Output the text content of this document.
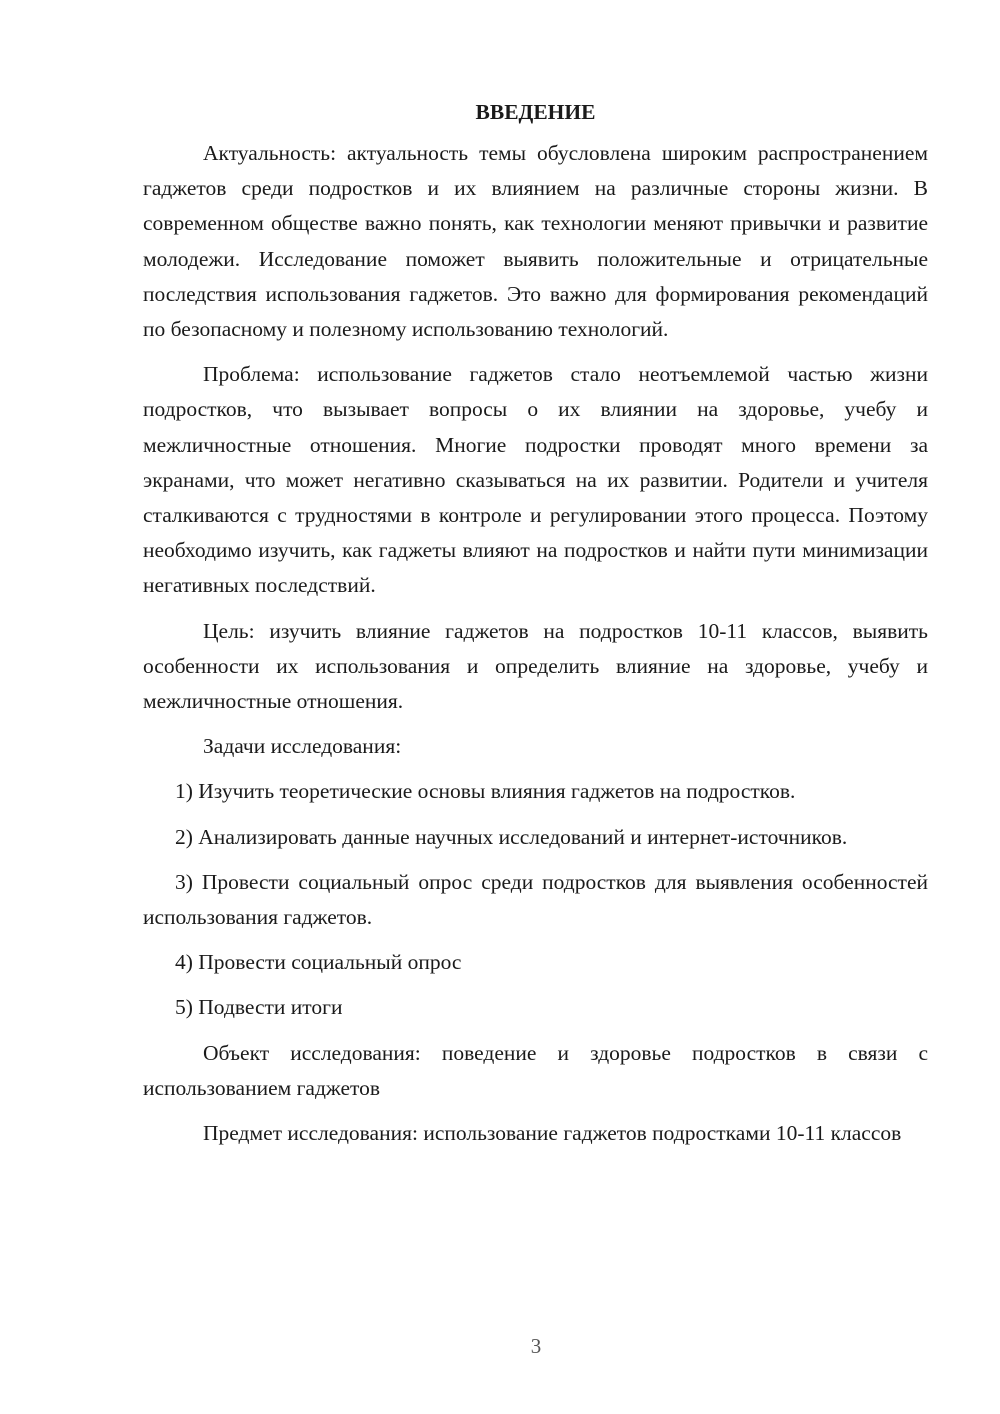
ВВЕДЕНИЕ

Актуальность: актуальность темы обусловлена широким распространением гаджетов среди подростков и их влиянием на различные стороны жизни. В современном обществе важно понять, как технологии меняют привычки и развитие молодежи. Исследование поможет выявить положительные и отрицательные последствия использования гаджетов. Это важно для формирования рекомендаций по безопасному и полезному использованию технологий.

Проблема: использование гаджетов стало неотъемлемой частью жизни подростков, что вызывает вопросы о их влиянии на здоровье, учебу и межличностные отношения. Многие подростки проводят много времени за экранами, что может негативно сказываться на их развитии. Родители и учителя сталкиваются с трудностями в контроле и регулировании этого процесса. Поэтому необходимо изучить, как гаджеты влияют на подростков и найти пути минимизации негативных последствий.

Цель: изучить влияние гаджетов на подростков 10-11 классов, выявить особенности их использования и определить влияние на здоровье, учебу и межличностные отношения.

Задачи исследования:

1) Изучить теоретические основы влияния гаджетов на подростков.

2) Анализировать данные научных исследований и интернет-источников.

3) Провести социальный опрос среди подростков для выявления особенностей использования гаджетов.

4) Провести социальный опрос

5) Подвести итоги

Объект исследования: поведение и здоровье подростков в связи с использованием гаджетов

Предмет исследования: использование гаджетов подростками 10-11 классов

3
